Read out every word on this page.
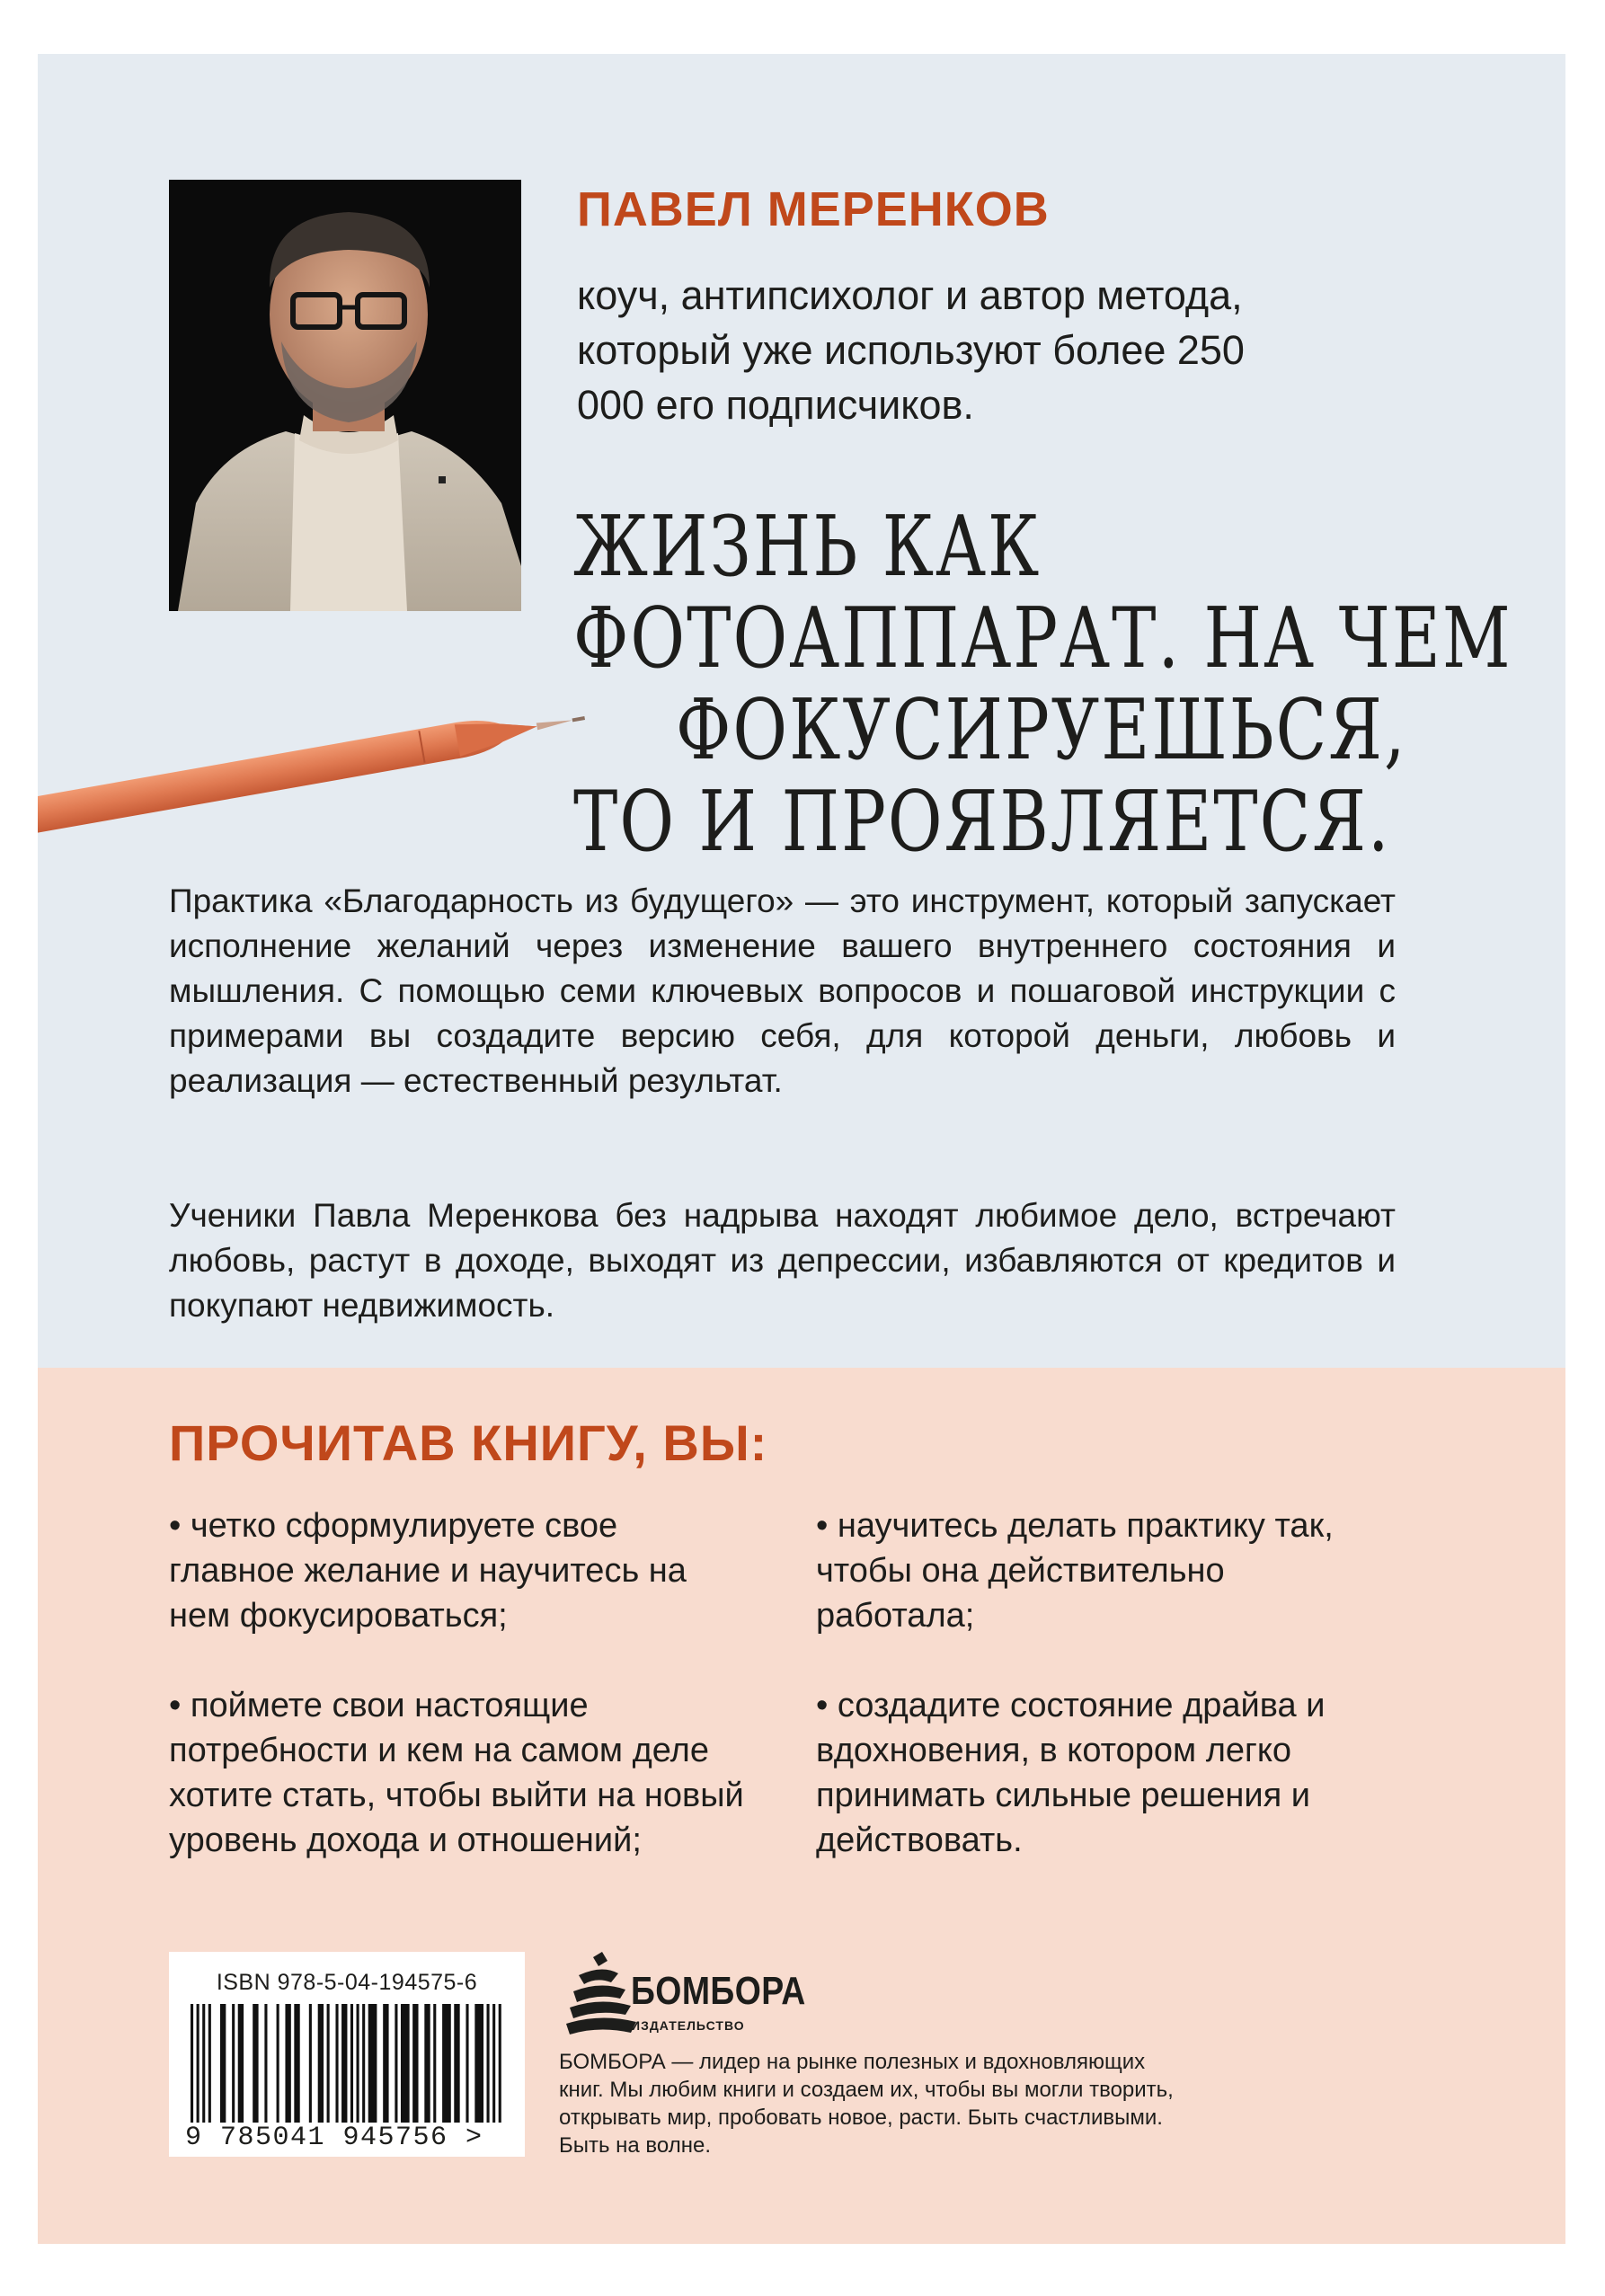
ПАВЕЛ МЕРЕНКОВ
коуч, антипсихолог и автор метода, который уже используют более 250 000 его подписчиков.
ЖИЗНЬ КАК
ФОТОАППАРАТ. НА ЧЕМ
ФОКУСИРУЕШЬСЯ,
ТО И ПРОЯВЛЯЕТСЯ.
Практика «Благодарность из будущего» — это инструмент, который запускает исполнение желаний через изменение вашего внутреннего состояния и мышления. С помощью семи ключевых вопросов и пошаговой инструкции с примерами вы создадите версию себя, для которой деньги, любовь и реализация — естественный результат.
Ученики Павла Меренкова без надрыва находят любимое дело, встречают любовь, растут в доходе, выходят из депрессии, избавляются от кредитов и покупают недвижимость.
ПРОЧИТАВ КНИГУ, ВЫ:
• четко сформулируете свое главное желание и научитесь на нем фокусироваться;
• научитесь делать практику так, чтобы она действительно работала;
• поймете свои настоящие потребности и кем на самом деле хотите стать, чтобы выйти на новый уровень дохода и отношений;
• создадите состояние драйва и вдохновения, в котором легко принимать сильные решения и действовать.
ISBN 978-5-04-194575-6
9 785041 945756 >
БОМБОРА
ИЗДАТЕЛЬСТВО
БОМБОРА — лидер на рынке полезных и вдохновляющих книг. Мы любим книги и создаем их, чтобы вы могли творить, открывать мир, пробовать новое, расти. Быть счастливыми. Быть на волне.
